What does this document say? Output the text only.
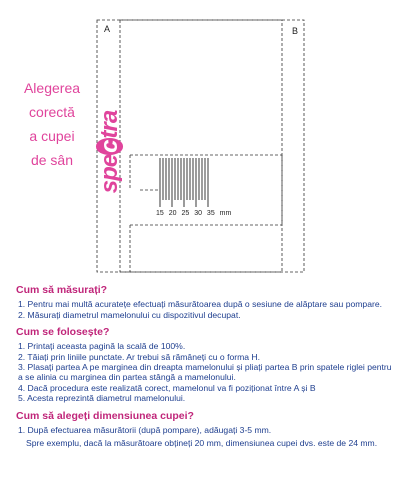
Alegerea
corectă
a cupei
de sân
A	B
spectra
15 20 25 30 35 mm
Cum să măsurați?
1. Pentru mai multă acuratețe efectuați măsurătoarea după o sesiune de alăptare sau pompare.
2. Măsurați diametrul mamelonului cu dispozitivul decupat.
Cum se folosește?
1. Printați aceasta pagină la scală de 100%.
2. Tăiați prin liniile punctate. Ar trebui să rămâneți cu o forma H.
3. Plasați partea A pe marginea din dreapta mamelonului și pliați partea B prin spatele riglei pentru a se alinia cu marginea din partea stângă a mamelonului.
4. Dacă procedura este realizată corect, mamelonul va fi poziționat între A și B
5. Acesta reprezintă diametrul mamelonului.
Cum să alegeți dimensiunea cupei?
1. După efectuarea măsurătorii (după pompare), adăugați 3-5 mm.
Spre exemplu, dacă la măsurătoare obțineți 20 mm, dimensiunea cupei dvs. este de 24 mm.
